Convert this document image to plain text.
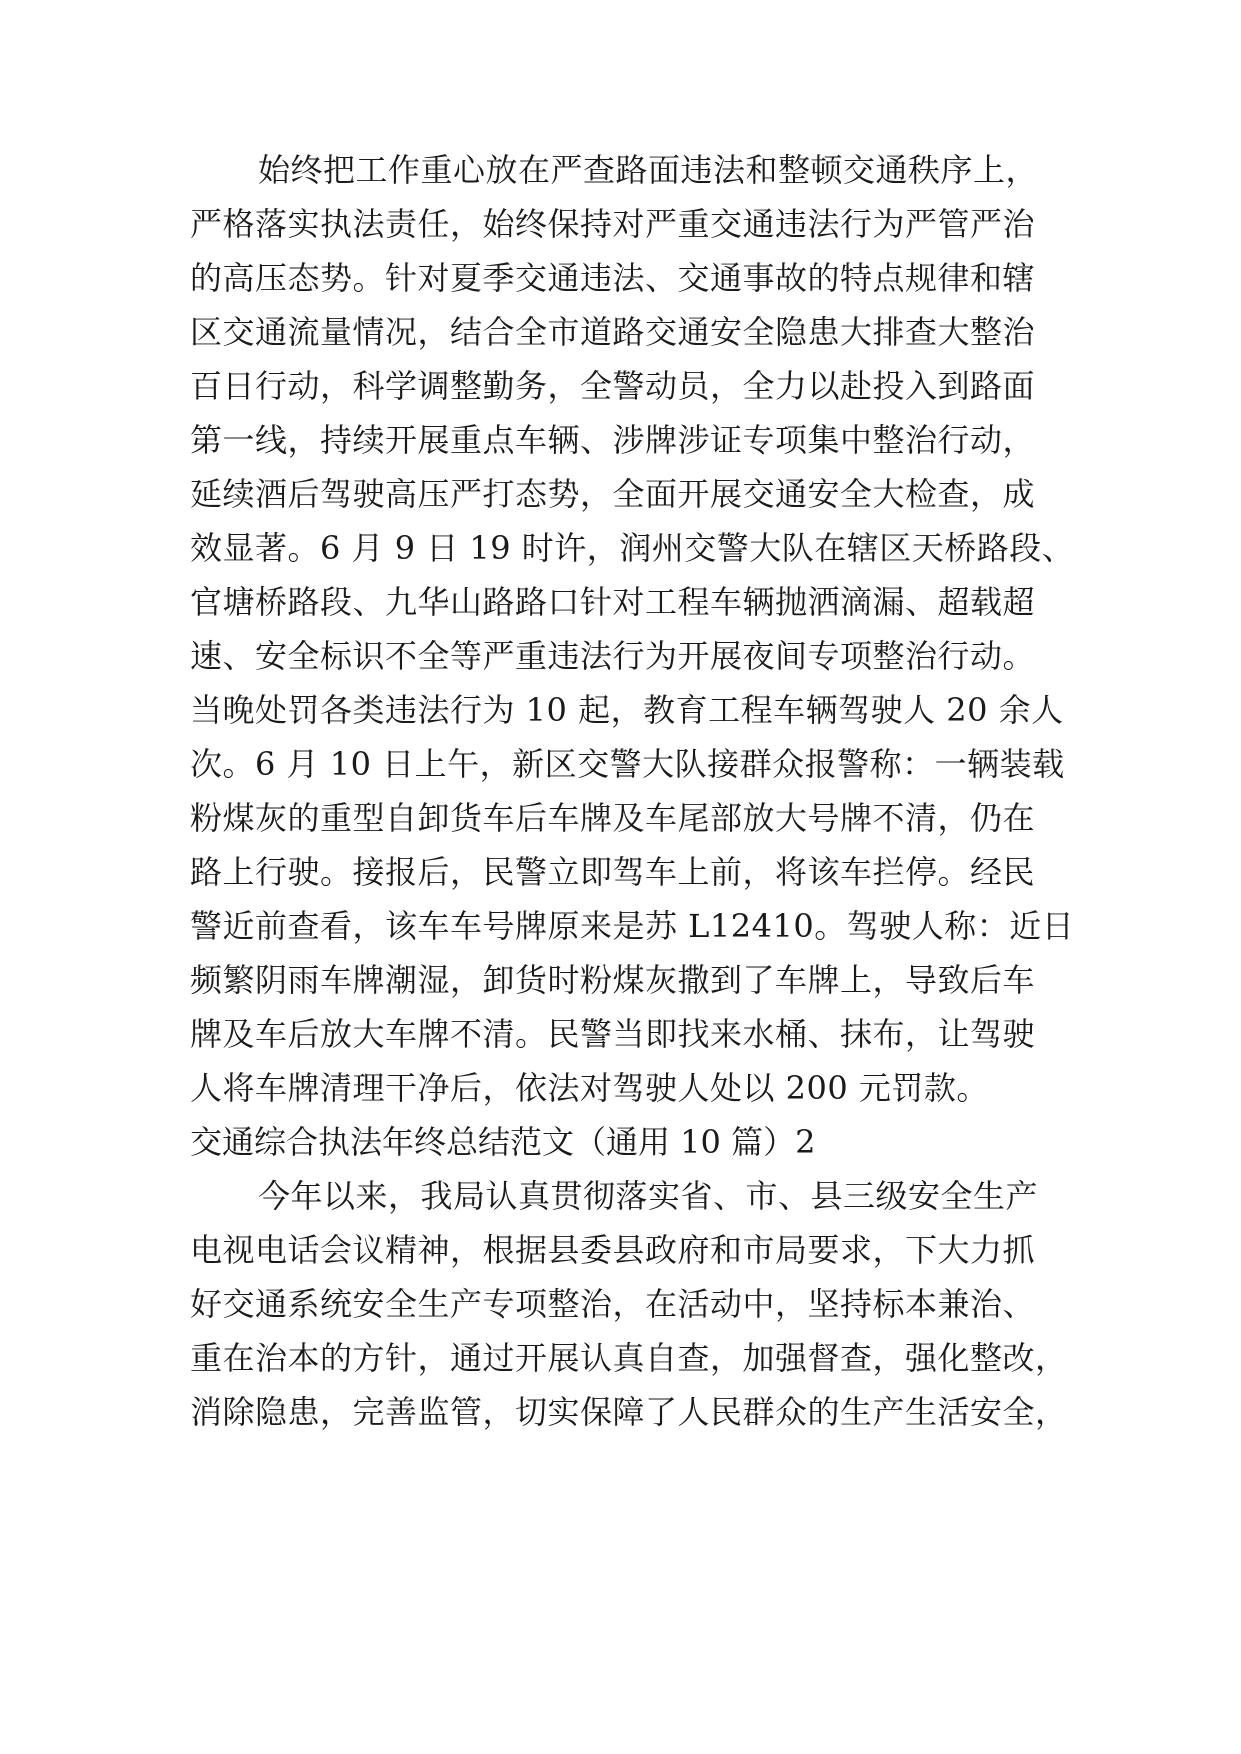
始终把工作重心放在严查路面违法和整顿交通秩序上，
严格落实执法责任，始终保持对严重交通违法行为严管严治
的高压态势。针对夏季交通违法、交通事故的特点规律和辖
区交通流量情况，结合全市道路交通安全隐患大排查大整治
百日行动，科学调整勤务，全警动员，全力以赴投入到路面
第一线，持续开展重点车辆、涉牌涉证专项集中整治行动，
延续酒后驾驶高压严打态势，全面开展交通安全大检查，成
效显著。6 月 9 日 19 时许，润州交警大队在辖区天桥路段、
官塘桥路段、九华山路路口针对工程车辆抛洒滴漏、超载超
速、安全标识不全等严重违法行为开展夜间专项整治行动。
当晚处罚各类违法行为 10 起，教育工程车辆驾驶人 20 余人
次。6 月 10 日上午，新区交警大队接群众报警称：一辆装载
粉煤灰的重型自卸货车后车牌及车尾部放大号牌不清，仍在
路上行驶。接报后，民警立即驾车上前，将该车拦停。经民
警近前查看，该车车号牌原来是苏 L12410。驾驶人称：近日
频繁阴雨车牌潮湿，卸货时粉煤灰撒到了车牌上，导致后车
牌及车后放大车牌不清。民警当即找来水桶、抹布，让驾驶
人将车牌清理干净后，依法对驾驶人处以 200 元罚款。
交通综合执法年终总结范文（通用 10 篇）2
今年以来，我局认真贯彻落实省、市、县三级安全生产
电视电话会议精神，根据县委县政府和市局要求，下大力抓
好交通系统安全生产专项整治，在活动中，坚持标本兼治、
重在治本的方针，通过开展认真自查，加强督查，强化整改，
消除隐患，完善监管，切实保障了人民群众的生产生活安全，
